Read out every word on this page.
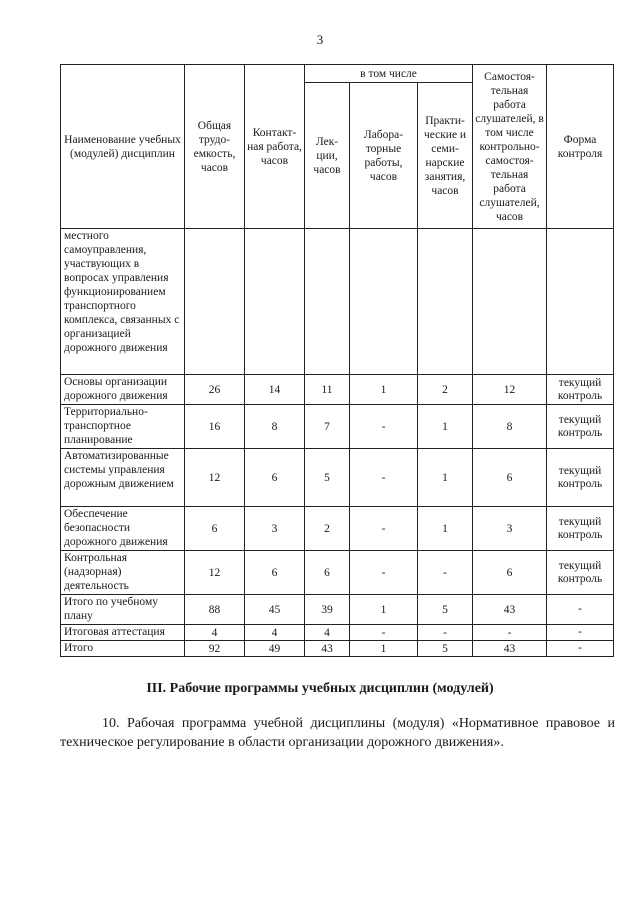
3
Наименование учебных (модулей) дисциплин	Общая трудо-емкость, часов	Контакт-ная работа, часов	в том числе			Самостоя-тельная работа слушателей, в том числе контрольно-самостоя-тельная работа слушателей, часов	Форма контроля
			Лек-ции, часов	Лабора-торные работы, часов	Практи-ческие и семи-нарские занятия, часов		
местного самоуправления, участвующих в вопросах управления функционированием транспортного комплекса, связанных с организацией дорожного движения							
Основы организации дорожного движения	26	14	11	1	2	12	текущий контроль
Территориально-транспортное планирование	16	8	7	-	1	8	текущий контроль
Автоматизированные системы управления дорожным движением	12	6	5	-	1	6	текущий контроль
Обеспечение безопасности дорожного движения	6	3	2	-	1	3	текущий контроль
Контрольная (надзорная) деятельность	12	6	6	-	-	6	текущий контроль
Итого по учебному плану	88	45	39	1	5	43	-
Итоговая аттестация	4	4	4	-	-	-	-
Итого	92	49	43	1	5	43	-
III. Рабочие программы учебных дисциплин (модулей)
10. Рабочая программа учебной дисциплины (модуля) «Нормативное правовое и техническое регулирование в области организации дорожного движения».
